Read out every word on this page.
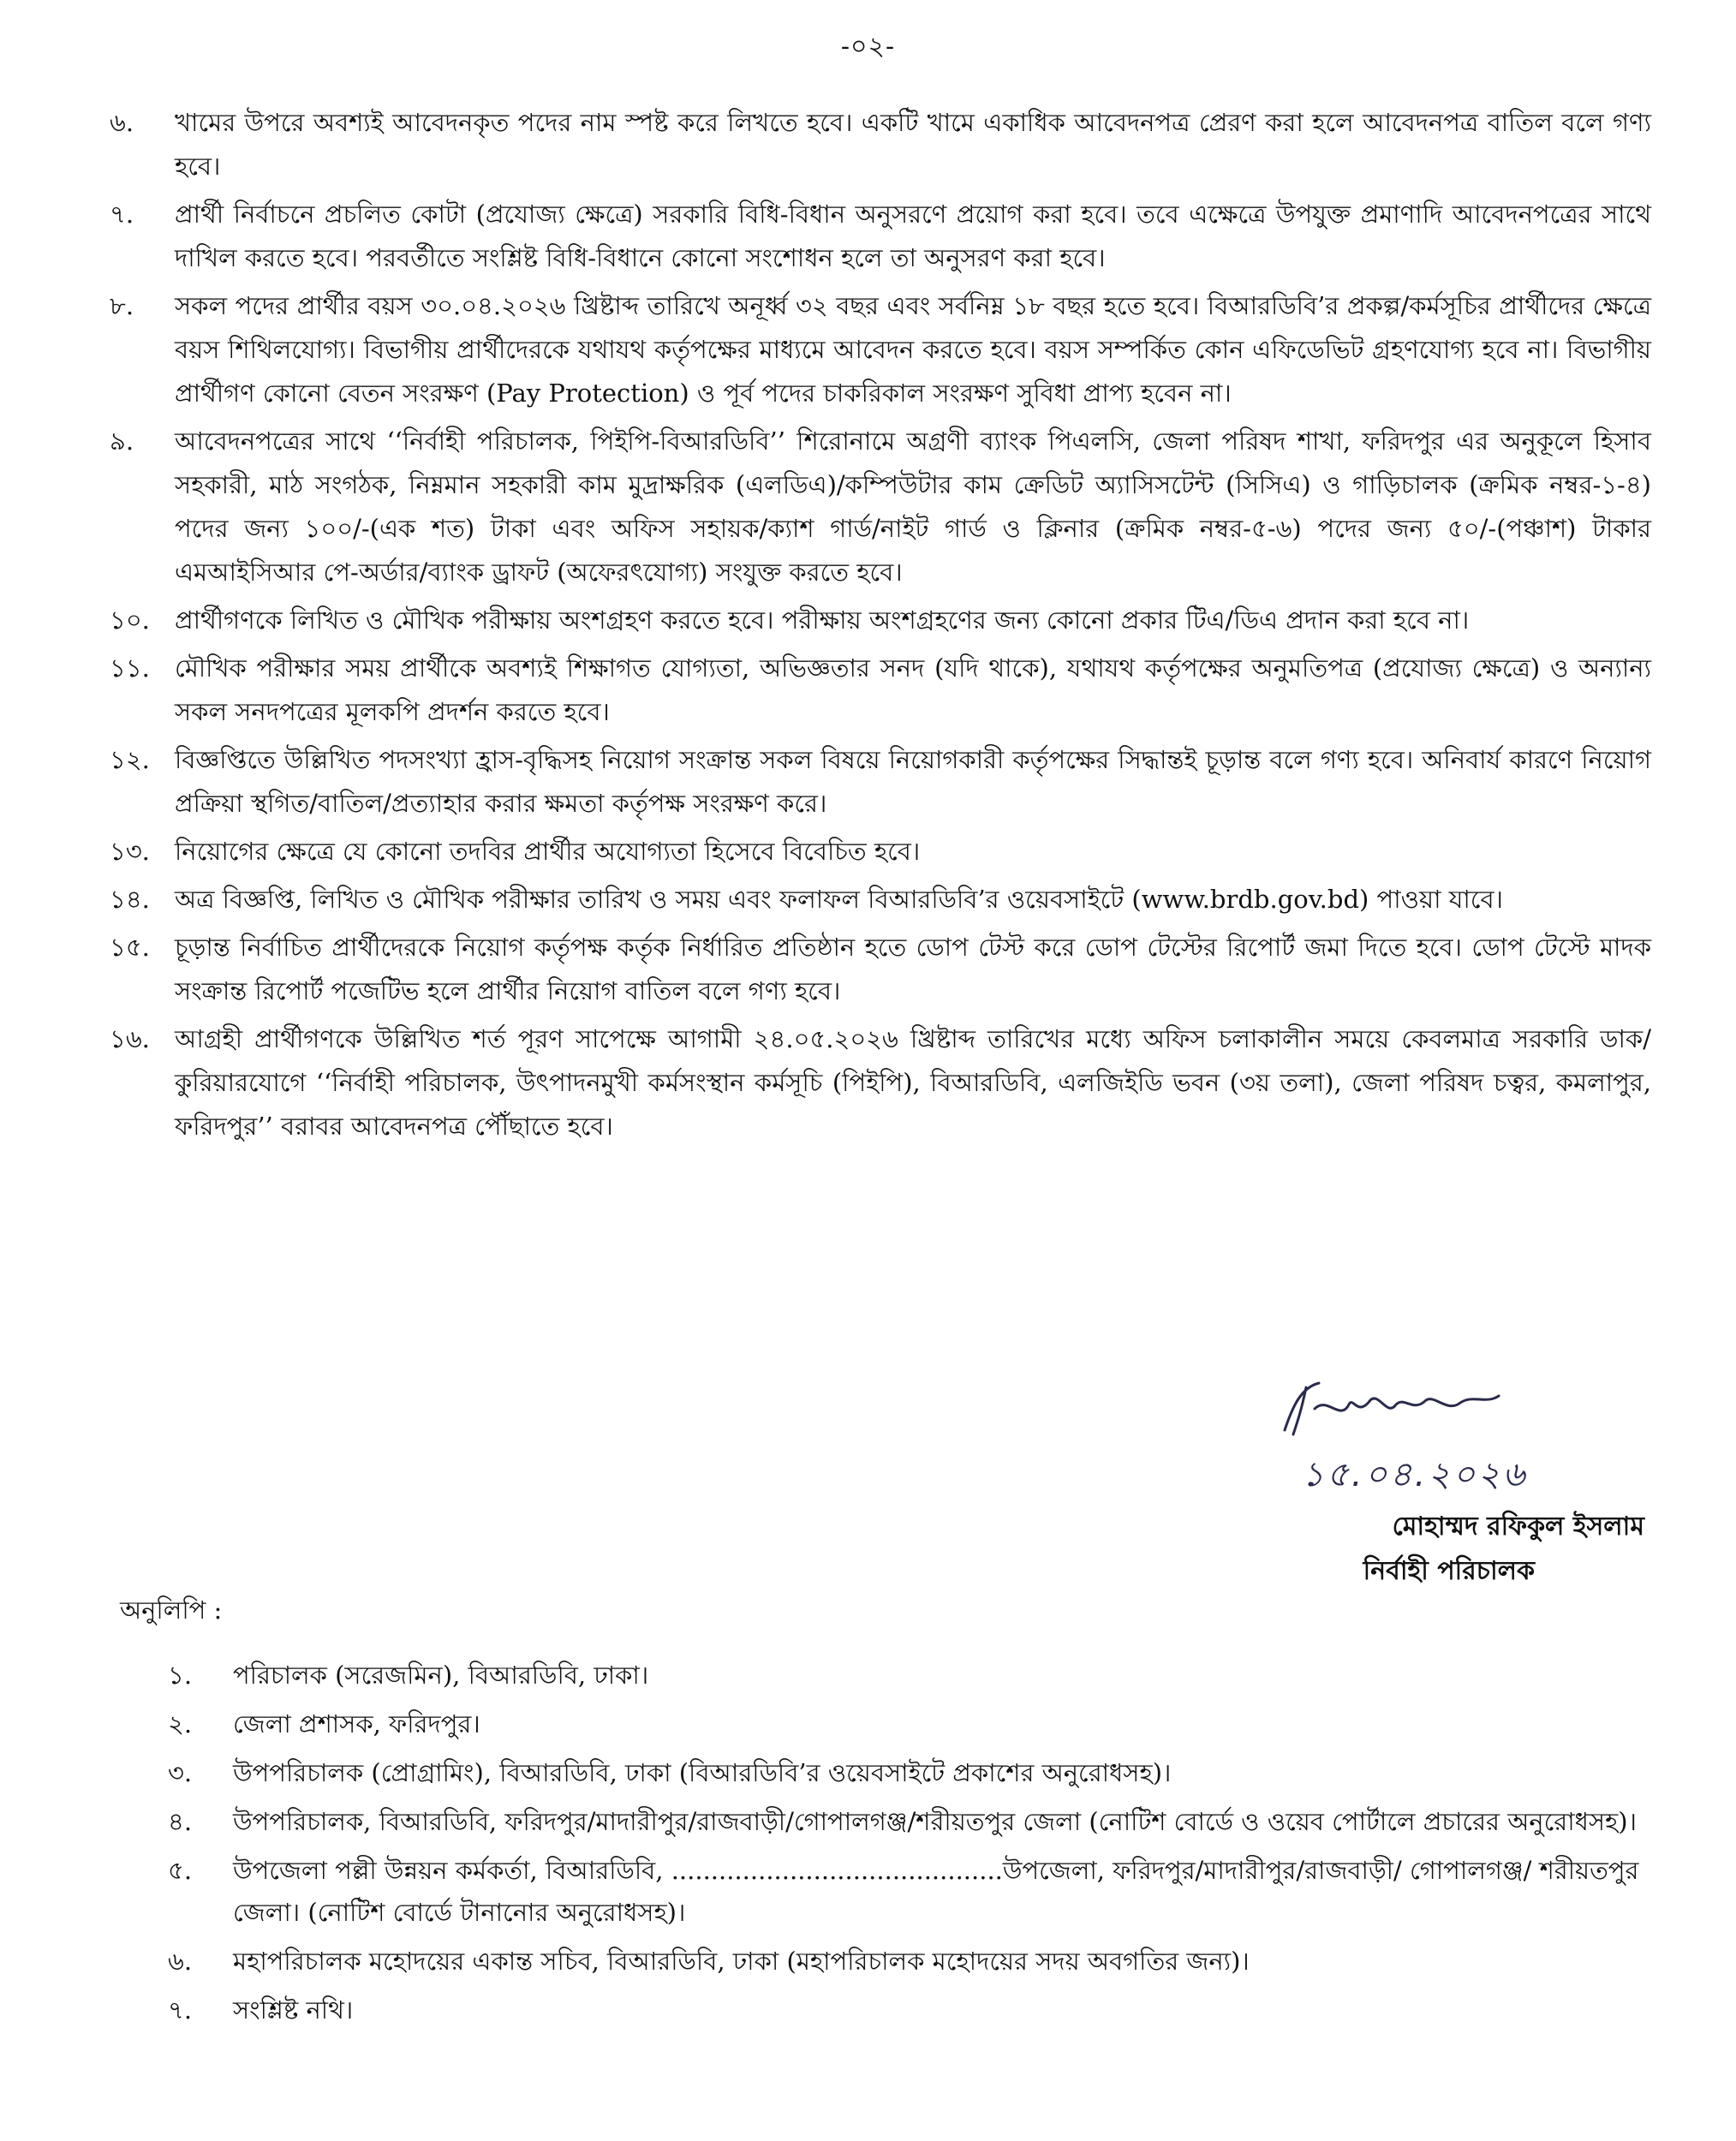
-০২-
৬.	খামের উপরে অবশ্যই আবেদনকৃত পদের নাম স্পষ্ট করে লিখতে হবে। একটি খামে একাধিক আবেদনপত্র প্রেরণ করা হলে আবেদনপত্র বাতিল বলে গণ্য হবে।
৭.	প্রার্থী নির্বাচনে প্রচলিত কোটা (প্রযোজ্য ক্ষেত্রে) সরকারি বিধি-বিধান অনুসরণে প্রয়োগ করা হবে। তবে এক্ষেত্রে উপযুক্ত প্রমাণাদি আবেদনপত্রের সাথে দাখিল করতে হবে। পরবর্তীতে সংশ্লিষ্ট বিধি-বিধানে কোনো সংশোধন হলে তা অনুসরণ করা হবে।
৮.	সকল পদের প্রার্থীর বয়স ৩০.০৪.২০২৬ খ্রিষ্টাব্দ তারিখে অনূর্ধ্ব ৩২ বছর এবং সর্বনিম্ন ১৮ বছর হতে হবে। বিআরডিবি’র প্রকল্প/কর্মসূচির প্রার্থীদের ক্ষেত্রে বয়স শিথিলযোগ্য। বিভাগীয় প্রার্থীদেরকে যথাযথ কর্তৃপক্ষের মাধ্যমে আবেদন করতে হবে। বয়স সম্পর্কিত কোন এফিডেভিট গ্রহণযোগ্য হবে না। বিভাগীয় প্রার্থীগণ কোনো বেতন সংরক্ষণ (Pay Protection) ও পূর্ব পদের চাকরিকাল সংরক্ষণ সুবিধা প্রাপ্য হবেন না।
৯.	আবেদনপত্রের সাথে ‘‘নির্বাহী পরিচালক, পিইপি-বিআরডিবি’’ শিরোনামে অগ্রণী ব্যাংক পিএলসি, জেলা পরিষদ শাখা, ফরিদপুর এর অনুকূলে হিসাব সহকারী, মাঠ সংগঠক, নিম্নমান সহকারী কাম মুদ্রাক্ষরিক (এলডিএ)/কম্পিউটার কাম ক্রেডিট অ্যাসিসটেন্ট (সিসিএ) ও গাড়িচালক (ক্রমিক নম্বর-১-৪) পদের জন্য ১০০/-(এক শত) টাকা এবং অফিস সহায়ক/ক্যাশ গার্ড/নাইট গার্ড ও ক্লিনার (ক্রমিক নম্বর-৫-৬) পদের জন্য ৫০/-(পঞ্চাশ) টাকার এমআইসিআর পে-অর্ডার/ব্যাংক ড্রাফট (অফেরৎযোগ্য) সংযুক্ত করতে হবে।
১০.	প্রার্থীগণকে লিখিত ও মৌখিক পরীক্ষায় অংশগ্রহণ করতে হবে। পরীক্ষায় অংশগ্রহণের জন্য কোনো প্রকার টিএ/ডিএ প্রদান করা হবে না।
১১.	মৌখিক পরীক্ষার সময় প্রার্থীকে অবশ্যই শিক্ষাগত যোগ্যতা, অভিজ্ঞতার সনদ (যদি থাকে), যথাযথ কর্তৃপক্ষের অনুমতিপত্র (প্রযোজ্য ক্ষেত্রে) ও অন্যান্য সকল সনদপত্রের মূলকপি প্রদর্শন করতে হবে।
১২.	বিজ্ঞপ্তিতে উল্লিখিত পদসংখ্যা হ্রাস-বৃদ্ধিসহ নিয়োগ সংক্রান্ত সকল বিষয়ে নিয়োগকারী কর্তৃপক্ষের সিদ্ধান্তই চূড়ান্ত বলে গণ্য হবে। অনিবার্য কারণে নিয়োগ প্রক্রিয়া স্থগিত/বাতিল/প্রত্যাহার করার ক্ষমতা কর্তৃপক্ষ সংরক্ষণ করে।
১৩.	নিয়োগের ক্ষেত্রে যে কোনো তদবির প্রার্থীর অযোগ্যতা হিসেবে বিবেচিত হবে।
১৪.	অত্র বিজ্ঞপ্তি, লিখিত ও মৌখিক পরীক্ষার তারিখ ও সময় এবং ফলাফল বিআরডিবি’র ওয়েবসাইটে (www.brdb.gov.bd) পাওয়া যাবে।
১৫.	চূড়ান্ত নির্বাচিত প্রার্থীদেরকে নিয়োগ কর্তৃপক্ষ কর্তৃক নির্ধারিত প্রতিষ্ঠান হতে ডোপ টেস্ট করে ডোপ টেস্টের রিপোর্ট জমা দিতে হবে। ডোপ টেস্টে মাদক সংক্রান্ত রিপোর্ট পজেটিভ হলে প্রার্থীর নিয়োগ বাতিল বলে গণ্য হবে।
১৬.	আগ্রহী প্রার্থীগণকে উল্লিখিত শর্ত পূরণ সাপেক্ষে আগামী ২৪.০৫.২০২৬ খ্রিষ্টাব্দ তারিখের মধ্যে অফিস চলাকালীন সময়ে কেবলমাত্র সরকারি ডাক/কুরিয়ারযোগে ‘‘নির্বাহী পরিচালক, উৎপাদনমুখী কর্মসংস্থান কর্মসূচি (পিইপি), বিআরডিবি, এলজিইডি ভবন (৩য় তলা), জেলা পরিষদ চত্বর, কমলাপুর, ফরিদপুর’’ বরাবর আবেদনপত্র পৌঁছাতে হবে।
১৫.০৪.২০২৬
মোহাম্মদ রফিকুল ইসলাম
নির্বাহী পরিচালক
অনুলিপি :
১.	পরিচালক (সরেজমিন), বিআরডিবি, ঢাকা।
২.	জেলা প্রশাসক, ফরিদপুর।
৩.	উপপরিচালক (প্রোগ্রামিং), বিআরডিবি, ঢাকা (বিআরডিবি’র ওয়েবসাইটে প্রকাশের অনুরোধসহ)।
৪.	উপপরিচালক, বিআরডিবি, ফরিদপুর/মাদারীপুর/রাজবাড়ী/গোপালগঞ্জ/শরীয়তপুর জেলা (নোটিশ বোর্ডে ও ওয়েব পোর্টালে প্রচারের অনুরোধসহ)।
৫.	উপজেলা পল্লী উন্নয়ন কর্মকর্তা, বিআরডিবি, ..........................................উপজেলা, ফরিদপুর/মাদারীপুর/রাজবাড়ী/ গোপালগঞ্জ/ শরীয়তপুর জেলা। (নোটিশ বোর্ডে টানানোর অনুরোধসহ)।
৬.	মহাপরিচালক মহোদয়ের একান্ত সচিব, বিআরডিবি, ঢাকা (মহাপরিচালক মহোদয়ের সদয় অবগতির জন্য)।
৭.	সংশ্লিষ্ট নথি।
